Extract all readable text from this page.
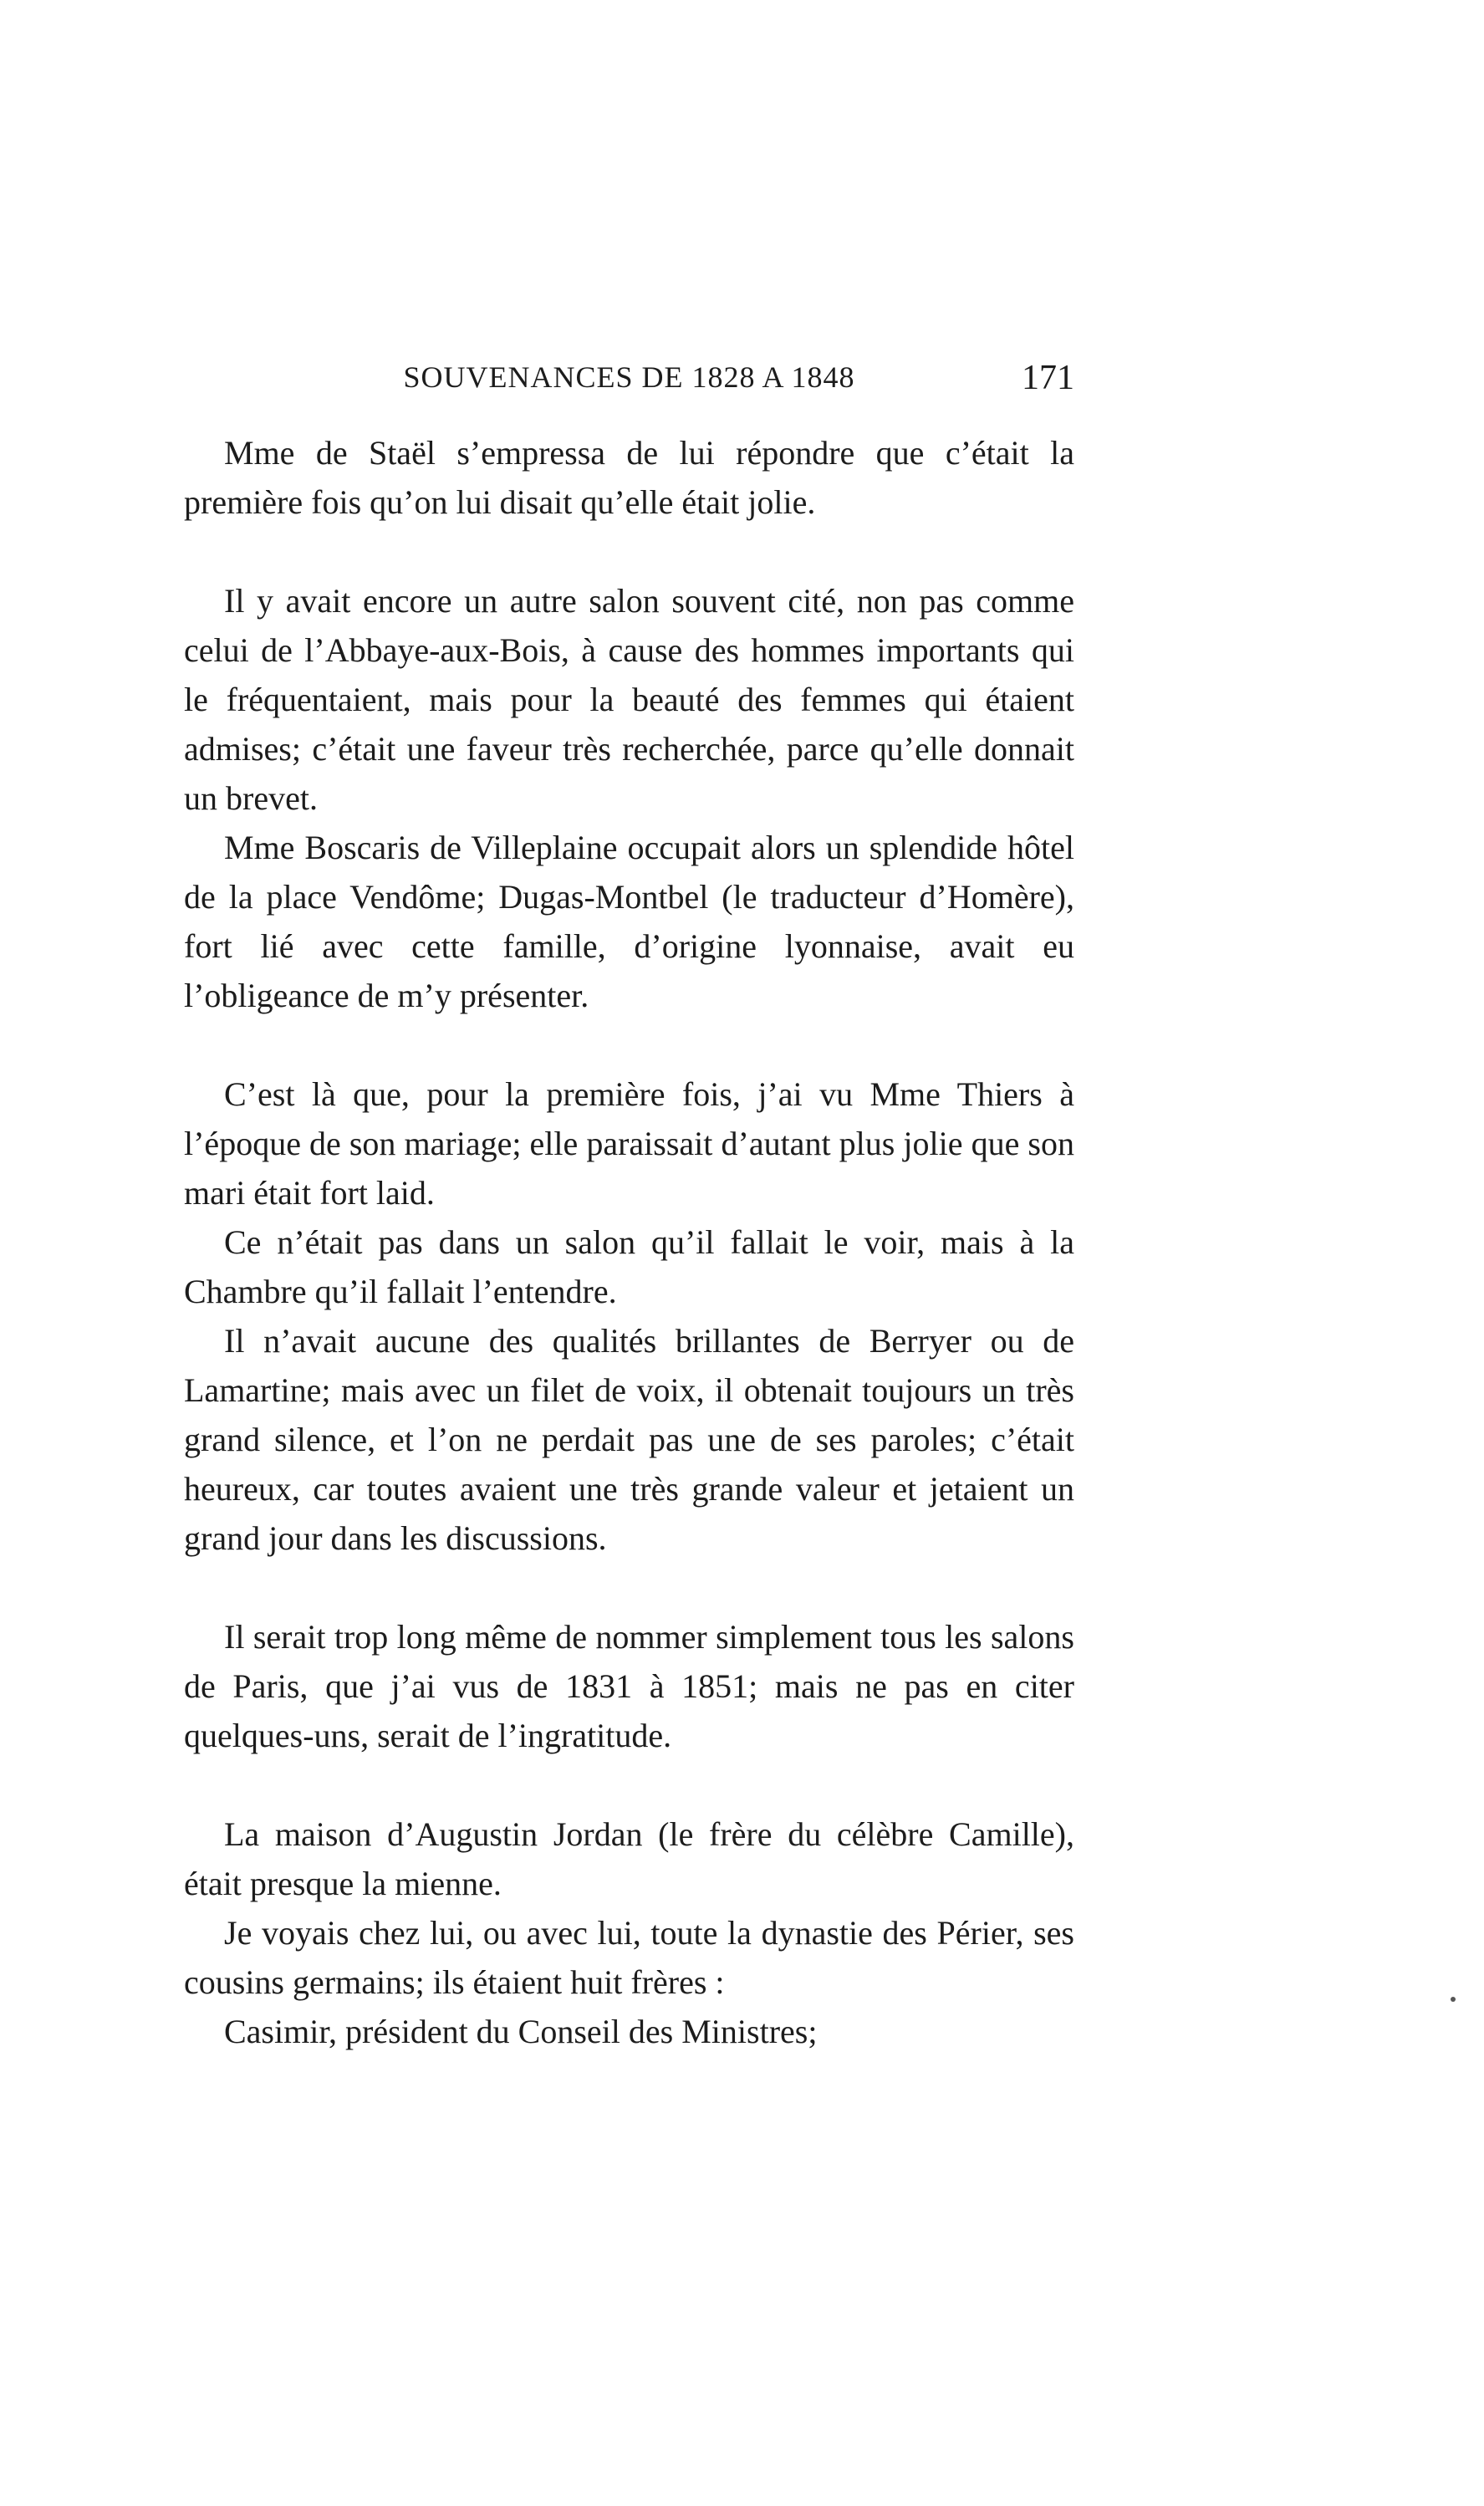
SOUVENANCES DE 1828 A 1848	171

Mme de Staël s’empressa de lui répondre que c’était la première fois qu’on lui disait qu’elle était jolie.

Il y avait encore un autre salon souvent cité, non pas comme celui de l’Abbaye-aux-Bois, à cause des hommes importants qui le fréquentaient, mais pour la beauté des femmes qui étaient admises; c’était une faveur très recherchée, parce qu’elle donnait un brevet.

Mme Boscaris de Villeplaine occupait alors un splendide hôtel de la place Vendôme; Dugas-Montbel (le traducteur d’Homère), fort lié avec cette famille, d’origine lyonnaise, avait eu l’obligeance de m’y présenter.

C’est là que, pour la première fois, j’ai vu Mme Thiers à l’époque de son mariage; elle paraissait d’autant plus jolie que son mari était fort laid.

Ce n’était pas dans un salon qu’il fallait le voir, mais à la Chambre qu’il fallait l’entendre.

Il n’avait aucune des qualités brillantes de Berryer ou de Lamartine; mais avec un filet de voix, il obtenait toujours un très grand silence, et l’on ne perdait pas une de ses paroles; c’était heureux, car toutes avaient une très grande valeur et jetaient un grand jour dans les discussions.

Il serait trop long même de nommer simplement tous les salons de Paris, que j’ai vus de 1831 à 1851; mais ne pas en citer quelques-uns, serait de l’ingratitude.

La maison d’Augustin Jordan (le frère du célèbre Camille), était presque la mienne.

Je voyais chez lui, ou avec lui, toute la dynastie des Périer, ses cousins germains; ils étaient huit frères :

Casimir, président du Conseil des Ministres;
